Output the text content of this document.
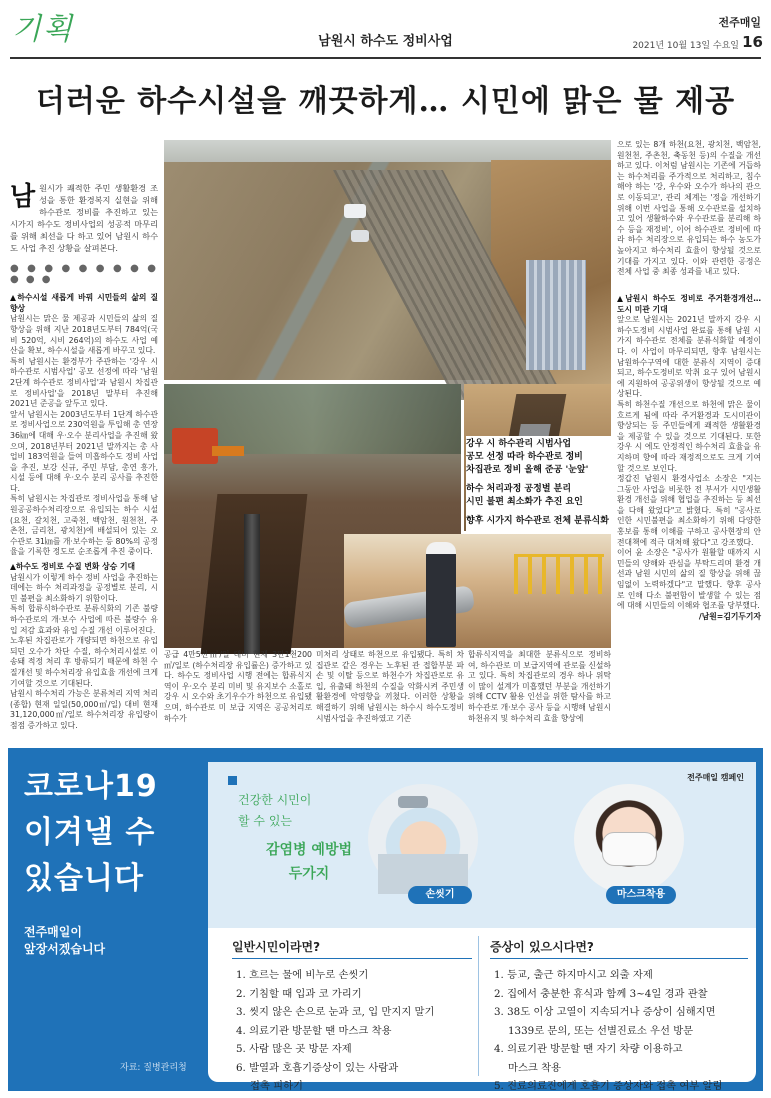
기획	남원시 하수도 정비사업
전주매일
2021년 10월 13일 수요일 16
더러운 하수시설을 깨끗하게… 시민에 맑은 물 제공

강우 시 하수관리 시범사업
공모 선정 따라 하수관로 정비
차집관로 정비 올해 준공 '눈앞'

하수 처리과정 공정별 분리
시민 불편 최소화가 추진 요인

향후 시가지 하수관로 전체 분류식화

남원시가 쾌적한 주민 생활환경 조성을 통한 환경복지 실현을 위해 하수관로 정비를 추진하고 있는 시가지 하수도 정비사업의 성공적 마무리를 위해 최선을 다 하고 있어 남원시 하수도 사업 추진 상황을 살펴본다.

● ● ● ● ● ● ● ● ● ● ● ●

▲하수시설 새롭게 바꿔 시민들의 삶의 질 향상

남원시는 맑은 물 제공과 시민들의 삶의 질 향상을 위해 지난 2018년도부터 784억(국비 520억, 시비 264억)의 하수도 사업 예산을 확보, 하수시설을 새롭게 바꾸고 있다.

특히 남원시는 환경부가 주관하는 '강우 시 하수관로 시범사업' 공모 선정에 따라 '남원2단계 하수관로 정비사업'과 남원시 차집관로 정비사업'을 2018년 말부터 추진해 2021년 준공을 앞두고 있다.

앞서 남원시는 2003년도부터 1단계 하수관로 정비사업으로 230억원을 투입해 총 연장 36㎞에 대해 우·오수 분리사업을 추진해 왔으며, 2018년부터 2021년 말까지는 총 사업비 183억원을 들여 미흡하수도 정비 사업을 추진, 보강 신규, 주민 부담, 총연 흥가, 시설 등에 대해 우·오수 분리 공사를 추진한다.

특히 남원시는 차집관로 정비사업을 통해 남원공공하수처리장으로 유입되는 하수 시설(요천, 갈치천, 고죽천, 백암천, 원천천, 주촌천, 금리천, 광치천)에 배설되어 있는 오수관로 31㎞를 개·보수하는 등 80%의 공정율을 기록한 정도로 순조롭게 추진 중이다.

▲하수도 정비로 수질 변화 상승 기대

남원시가 이렇게 하수 정비 사업을 추진하는 데에는 하수 처리과정을 공정별로 분리, 시민 불편을 최소화하기 위함이다.

특히 합류식하수관로 분류식화의 기존 불량하수관로의 개·보수 사업에 따른 불량수 유입 저감 효과와 유입 수질 개선 이루어진다.

노후된 차집관로가 개량되면 하천으로 유입되던 오수가 차단 수질, 하수처리시설로 이송돼 적정 처리 후 방류되기 때문에 하천 수질개선 및 하수처리장 유입효율 개선에 크게 기여할 것으로 기대된다.

남원시 하수처리 가능은 분류처리 지역 처리(종합) 현재 일일(50,000㎥/일) 대비 현재 31,120,000㎥/일로 하수처리장 유입량이 점점 증가하고 있다.

공급 4만5천㎥/일 대비 현재 3만1천200㎥/일로 (하수처리장 유입률은) 증가하고 있다. 하수도 정비사업 시행 전에는 합류식지역이 우·오수 분리 미비 및 유지보수 소홀로 강우 시 오수와 초기우수가 하천으로 유입됐으며, 하수관로 미 보급 지역은 공공처리로 하수가

미처리 상태로 하천으로 유입됐다. 특히 차집관로 같은 경우는 노후된 관 접합부분 파손 및 이탈 등으로 하천수가 차집관로로 유입, 유출돼 하천의 수질을 악화시켜 주민생활환경에 악영향을 끼쳤다. 이러한 상황을 해결하기 위해 남원시는 하수시 하수도정비 시범사업을 추진하였고 기존

합류식지역을 최대한 분류식으로 정비하여, 하수관로 미 보급지역에 관로를 신설하고 있다. 특히 차집관로의 경우 하나 위탁이 많이 설계가 미흡했던 부분을 개선하기 위해 CCTV 활용 인선을 위한 탐사를 하고 하수관로 개·보수 공사 등을 시행해 남원시 하천유지 및 하수처리 효율 향상에

으로 있는 8개 하천(요천, 광치천, 백암천, 원천천, 주촌천, 축동천 등)의 수질을 개선하고 있다. 이처럼 남원시는 기존에 거듭하는 하수처리를 주가적으로 처리하고, 침수해야 하는 '강, 우수와 오수가 하나의 관으로 이동되고', 관리 체계는 '정을 개선하기 위해 이번 사업을 통해 오수관로를 설치하고 있어 생활하수와 우수관로를 분리해 하수 등을 재정비', 이어 하수관로 정비에 따라 하수 처리장으로 유입되는 하수 농도가 높아지고 하수처리 효율이 향상될 것으로 기대를 가지고 있다. 이와 관련한 공정은 전체 사업 중 최종 성과를 내고 있다.

▲남원시 하수도 정비로 주거환경개선… 도시 미관 기대

앞으로 남원시는 2021년 말까지 강우 시 하수도정비 시범사업 완료를 통해 남원 시가지 하수관로 전체를 분류식화할 예정이다. 이 사업이 마무리되면, 향후 남원시는 남원하수구역에 대한 분류식 지역이 증대되고, 하수도정비로 악취 요구 있어 남원시에 지원하여 공공위생이 향상될 것으로 예상된다.

특히 하천수질 개선으로 하천에 맑은 물이 흐르게 됨에 따라 주거환경과 도시미관이 향상되는 등 주민들에게 쾌적한 생활환경을 제공할 수 있을 것으로 기대된다. 또한 강우 시 에도 안정적인 하수처리 효율을 유지하며 향에 따라 재정적으로도 크게 기여할 것으로 보인다.

정갑진 남원시 환경사업소 소장은 "지는 그동안 사업을 비롯한 전 부서가 시민생활환경 개선을 위해 협업을 추진하는 등 최선을 다해 왔었다"고 밝혔다. 특히 "공사로 인한 시민불편을 최소화하기 위해 다양한 홍보를 통해 이해를 구하고 공사현장의 안전대책에 적극 대처해 왔다"고 강조했다.

이어 윤 소장은 "공사가 원활할 때까지 시민들의 양해와 관심을 부탁드리며 환경 개선과 남원 시민의 삶의 질 향상을 위해 끊임없이 노력하겠다"고 말했다. 향후 공사로 인해 다소 불편함이 발생할 수 있는 점에 대해 시민들의 이해와 협조를 당부했다.

/남원=김기두기자

코로나19
이겨낼 수
있습니다
전주매일이
앞장서겠습니다
자료: 질병관리청
전주매일 캠페인
건강한 시민이
할 수 있는
감염병 예방법
두가지
손씻기	마스크착용
일반시민이라면?	증상이 있으시다면?
1. 흐르는 물에 비누로 손씻기
2. 기침할 때 입과 코 가리기
3. 씻지 않은 손으로 눈과 코, 입 만지지 말기
4. 의료기관 방문할 땐 마스크 착용
5. 사람 많은 곳 방문 자제
6. 발열과 호흡기증상이 있는 사람과
접촉 피하기
1. 등교, 출근 하지마시고 외출 자제
2. 집에서 충분한 휴식과 함께 3~4일 경과 관찰
3. 38도 이상 고열이 지속되거나 증상이 심해지면
1339로 문의, 또는 선별진료소 우선 방문
4. 의료기관 방문할 땐 자기 차량 이용하고
마스크 착용
5. 진료의료진에게 호흡기 증상자와 접촉 여부 알림
